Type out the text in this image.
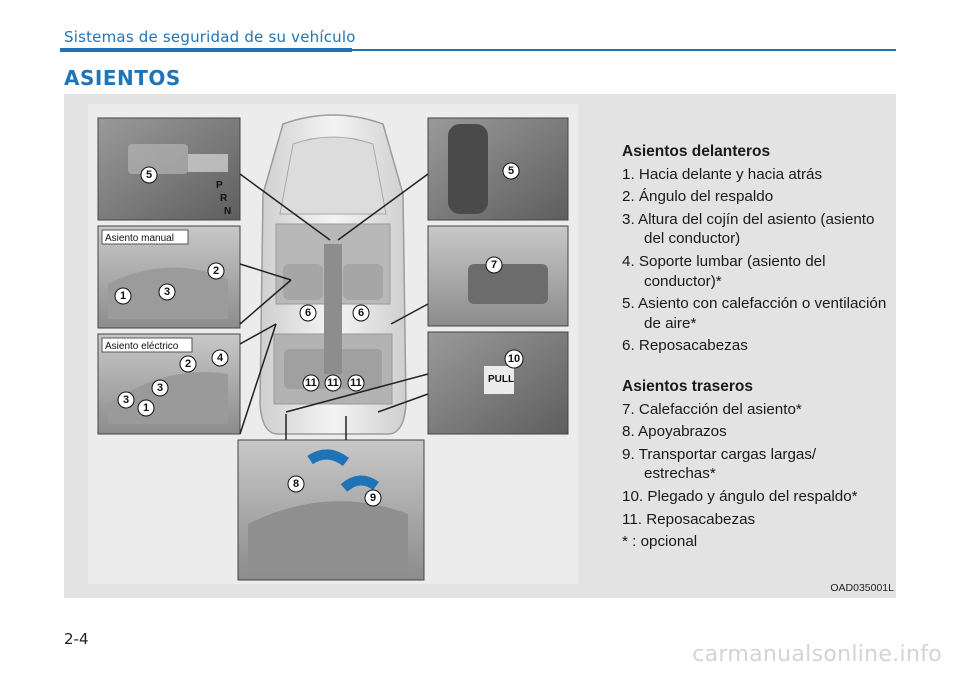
Sistemas de seguridad de su vehículo
ASIENTOS
P
R
N
5
Asiento manual
1
2
3
Asiento eléctrico
1
2
3
3
4
5
7
PULL
10
8
9
6	6
11 11 11
OAD035001L
Asientos delanteros
1. Hacia delante y hacia atrás
2. Ángulo del respaldo
3. Altura del cojín del asiento (asiento del conductor)
4. Soporte lumbar (asiento del conductor)*
5. Asiento con calefacción o ventilación de aire*
6. Reposacabezas
Asientos traseros
7. Calefacción del asiento*
8. Apoyabrazos
9. Transportar cargas largas/ estrechas*
10. Plegado y ángulo del respaldo*
11. Reposacabezas
* : opcional
2-4
carmanualsonline.info
